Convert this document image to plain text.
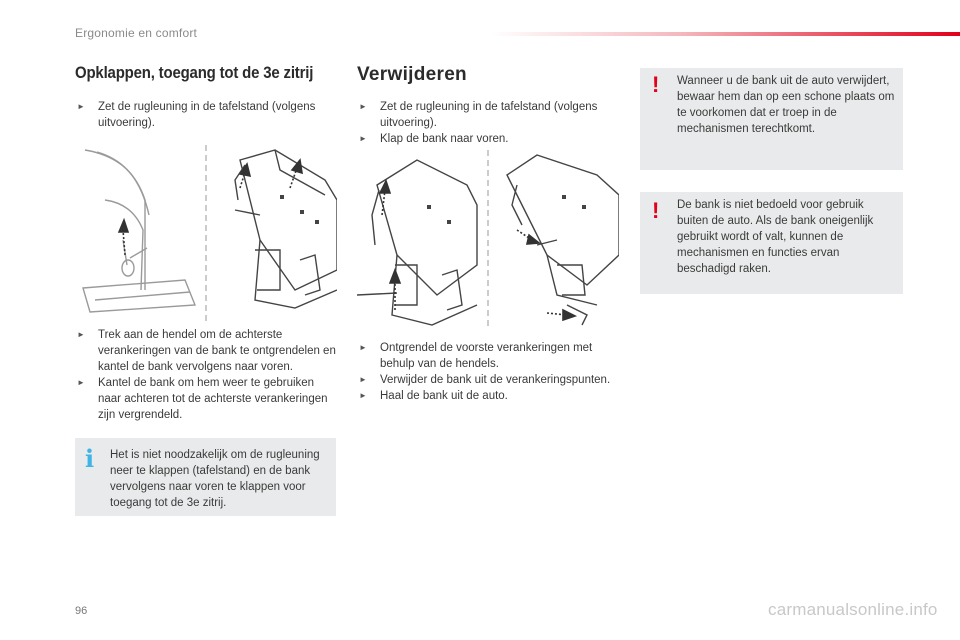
Ergonomie en comfort
Opklappen, toegang tot de 3e zitrij
► Zet de rugleuning in de tafelstand (volgens uitvoering).
► Trek aan de hendel om de achterste verankeringen van de bank te ontgrendelen en kantel de bank vervolgens naar voren.
► Kantel de bank om hem weer te gebruiken naar achteren tot de achterste verankeringen zijn vergrendeld.
i Het is niet noodzakelijk om de rugleuning neer te klappen (tafelstand) en de bank vervolgens naar voren te klappen voor toegang tot de 3e zitrij.

Verwijderen
► Zet de rugleuning in de tafelstand (volgens uitvoering).
► Klap de bank naar voren.
► Ontgrendel de voorste verankeringen met behulp van de hendels.
► Verwijder de bank uit de verankeringspunten.
► Haal de bank uit de auto.
! Wanneer u de bank uit de auto verwijdert, bewaar hem dan op een schone plaats om te voorkomen dat er troep in de mechanismen terechtkomt.

! De bank is niet bedoeld voor gebruik buiten de auto. Als de bank oneigenlijk gebruikt wordt of valt, kunnen de mechanismen en functies ervan beschadigd raken.

96	carmanualsonline.info
